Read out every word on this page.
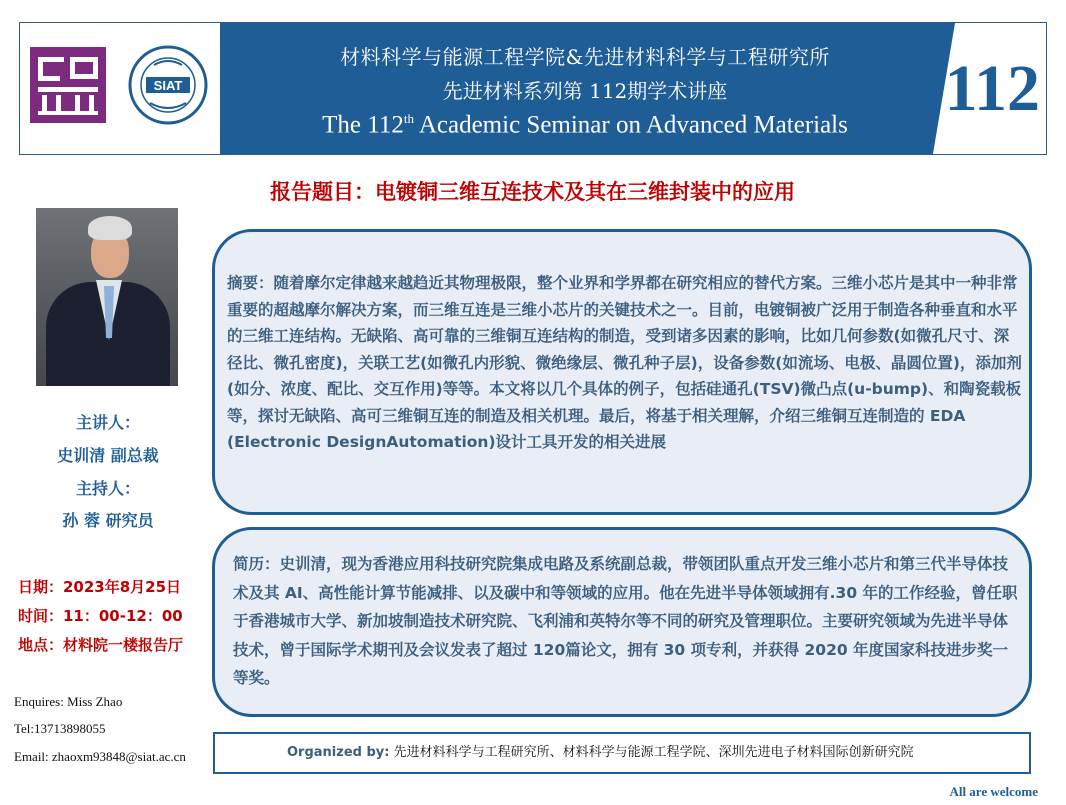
SIAT
材料科学与能源工程学院&先进材料科学与工程研究所
先进材料系列第 112期学术讲座
The 112th Academic Seminar on Advanced Materials	112
报告题目：电镀铜三维互连技术及其在三维封装中的应用
主讲人：
史训清 副总裁
主持人：
孙 蓉 研究员
日期：2023年8月25日
时间：11：00-12：00
地点：材料院一楼报告厅
Enquires: Miss Zhao
Tel:13713898055
Email: zhaoxm93848@siat.ac.cn
摘要：随着摩尔定律越来越趋近其物理极限，整个业界和学界都在研究相应的替代方案。三维小芯片是其中一种非常重要的超越摩尔解决方案，而三维互连是三维小芯片的关键技术之一。目前，电镀铜被广泛用于制造各种垂直和水平的三维工连结构。无缺陷、高可靠的三维铜互连结构的制造，受到诸多因素的影响，比如几何参数(如微孔尺寸、深径比、微孔密度)，关联工艺(如微孔内形貌、微绝缘层、微孔种子层)，设备参数(如流场、电极、晶圆位置)，添加剂(如分、浓度、配比、交互作用)等等。本文将以几个具体的例子，包括硅通孔(TSV)微凸点(u-bump)、和陶瓷载板等，探讨无缺陷、高可三维铜互连的制造及相关机理。最后，将基于相关理解，介绍三维铜互连制造的 EDA (Electronic DesignAutomation)设计工具开发的相关进展
简历：史训清，现为香港应用科技研究院集成电路及系统副总裁，带领团队重点开发三维小芯片和第三代半导体技术及其 AI、高性能计算节能减排、以及碳中和等领域的应用。他在先进半导体领域拥有.30 年的工作经验，曾任职于香港城市大学、新加坡制造技术研究院、飞利浦和英特尔等不同的研究及管理职位。主要研究领域为先进半导体技术，曾于国际学术期刊及会议发表了超过 120篇论文，拥有 30 项专利，并获得 2020 年度国家科技进步奖一等奖。
Organized by: 先进材料科学与工程研究所、材料科学与能源工程学院、深圳先进电子材料国际创新研究院
All are welcome
